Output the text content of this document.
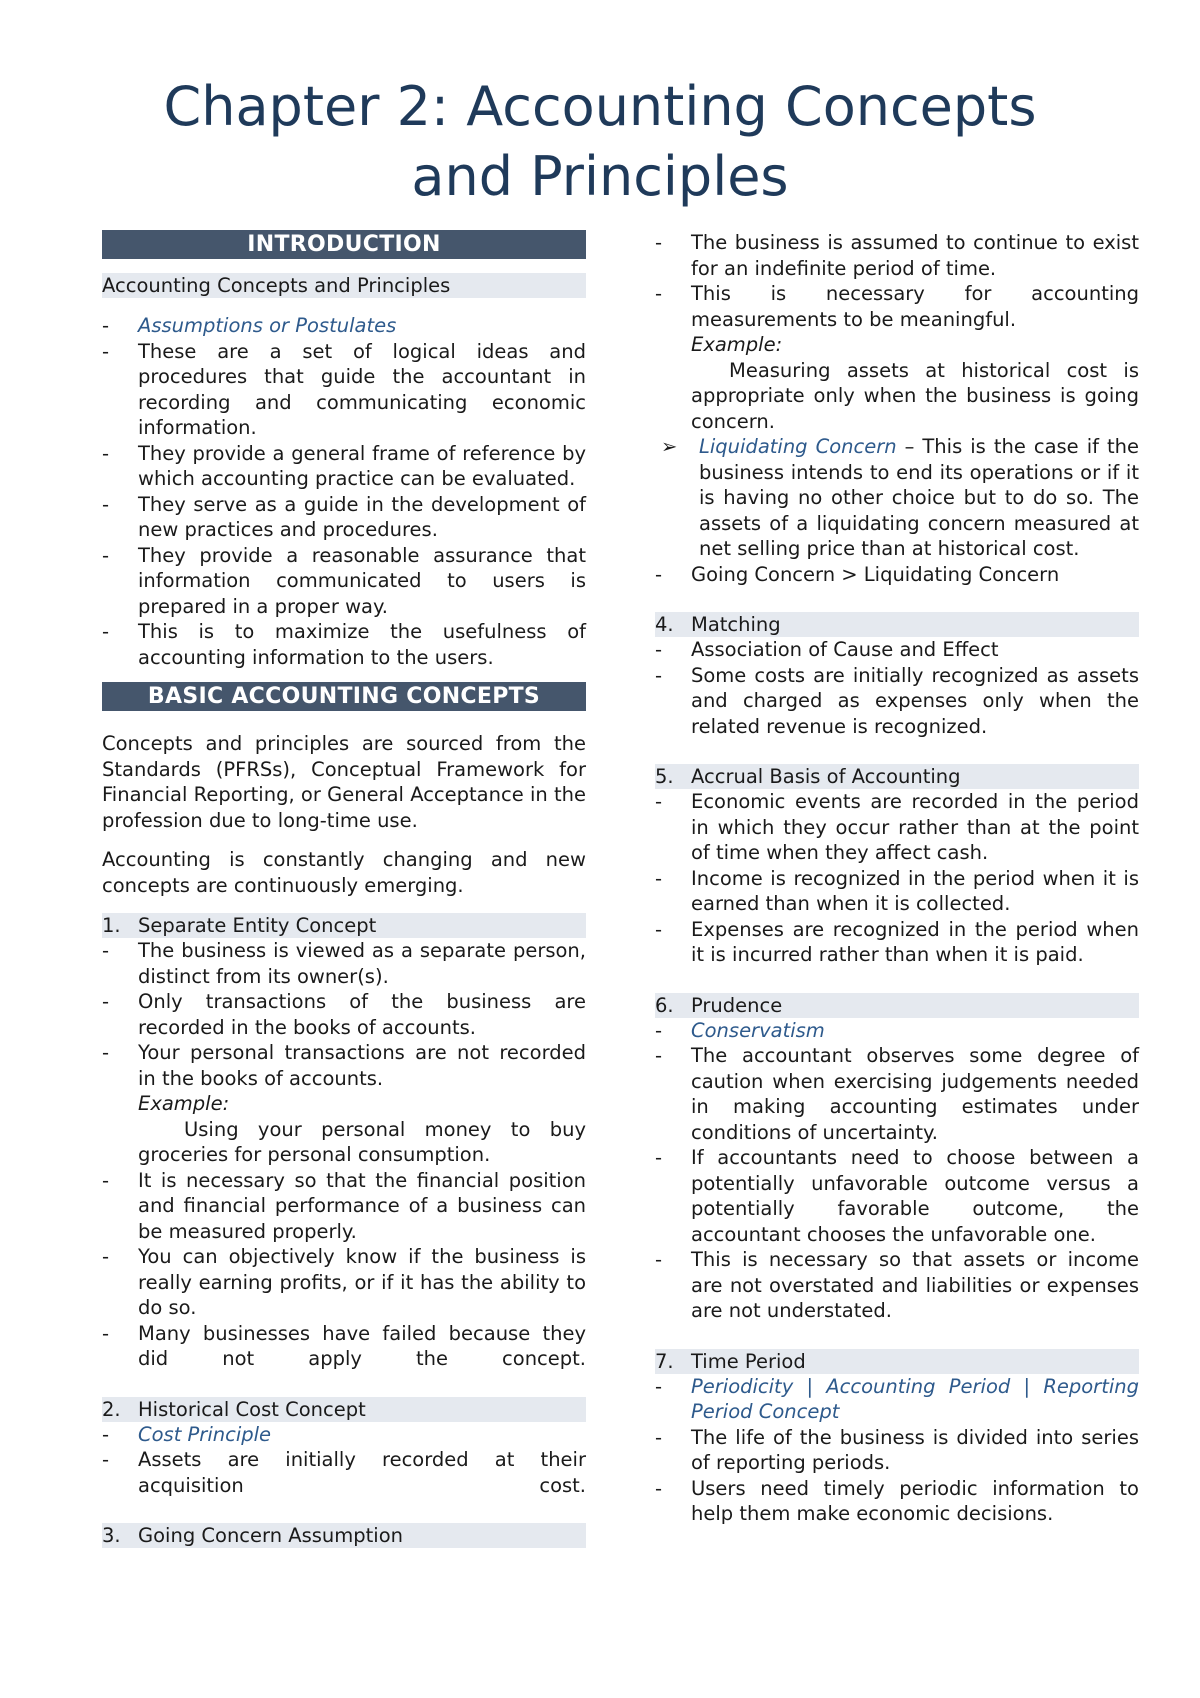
Chapter 2: Accounting Concepts
and Principles
INTRODUCTION
Accounting Concepts and Principles
-	Assumptions or Postulates
-	These are a set of logical ideas and procedures that guide the accountant in recording and communicating economic information.
-	They provide a general frame of reference by which accounting practice can be evaluated.
-	They serve as a guide in the development of new practices and procedures.
-	They provide a reasonable assurance that information communicated to users is prepared in a proper way.
-	This is to maximize the usefulness of accounting information to the users.
BASIC ACCOUNTING CONCEPTS
Concepts and principles are sourced from the Standards (PFRSs), Conceptual Framework for Financial Reporting, or General Acceptance in the profession due to long-time use.
Accounting is constantly changing and new concepts are continuously emerging.
1. Separate Entity Concept
-	The business is viewed as a separate person, distinct from its owner(s).
-	Only transactions of the business are recorded in the books of accounts.
-	Your personal transactions are not recorded in the books of accounts.
Example:
Using your personal money to buy groceries for personal consumption.
-	It is necessary so that the financial position and financial performance of a business can be measured properly.
-	You can objectively know if the business is really earning profits, or if it has the ability to do so.
-	Many businesses have failed because they did not apply the concept.
2. Historical Cost Concept
-	Cost Principle
-	Assets are initially recorded at their acquisition cost.
3. Going Concern Assumption
-	The business is assumed to continue to exist for an indefinite period of time.
-	This is necessary for accounting measurements to be meaningful.
Example:
Measuring assets at historical cost is appropriate only when the business is going concern.
➢	Liquidating Concern – This is the case if the business intends to end its operations or if it is having no other choice but to do so. The assets of a liquidating concern measured at net selling price than at historical cost.
-	Going Concern > Liquidating Concern
4. Matching
-	Association of Cause and Effect
-	Some costs are initially recognized as assets and charged as expenses only when the related revenue is recognized.
5. Accrual Basis of Accounting
-	Economic events are recorded in the period in which they occur rather than at the point of time when they affect cash.
-	Income is recognized in the period when it is earned than when it is collected.
-	Expenses are recognized in the period when it is incurred rather than when it is paid.
6. Prudence
-	Conservatism
-	The accountant observes some degree of caution when exercising judgements needed in making accounting estimates under conditions of uncertainty.
-	If accountants need to choose between a potentially unfavorable outcome versus a potentially favorable outcome, the accountant chooses the unfavorable one.
-	This is necessary so that assets or income are not overstated and liabilities or expenses are not understated.
7. Time Period
-	Periodicity | Accounting Period | Reporting Period Concept
-	The life of the business is divided into series of reporting periods.
-	Users need timely periodic information to help them make economic decisions.
